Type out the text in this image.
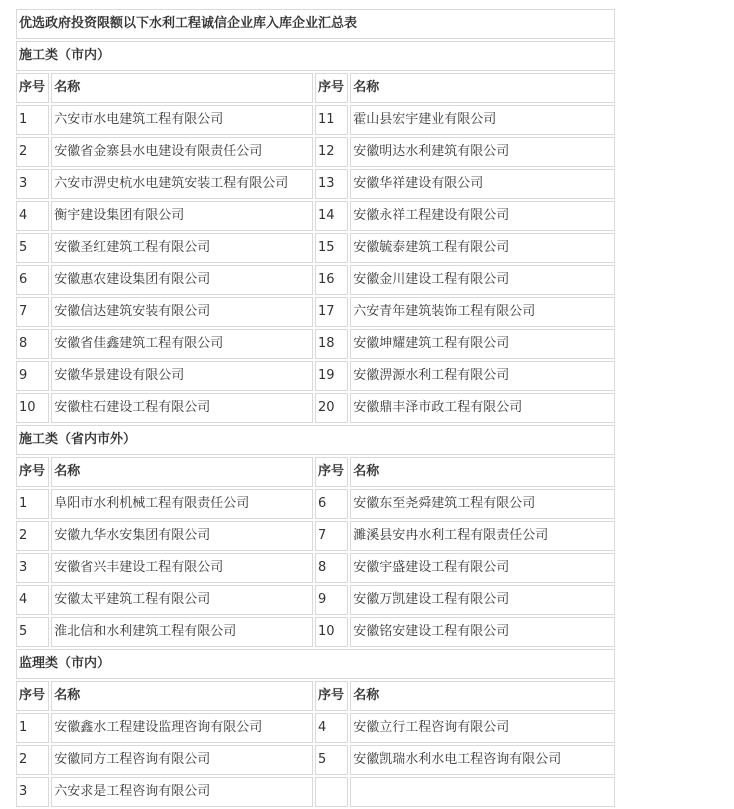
优选政府投资限额以下水利工程诚信企业库入库企业汇总表			
施工类（市内）			
序号	名称	序号	名称
1	六安市水电建筑工程有限公司	11	霍山县宏宇建业有限公司
2	安徽省金寨县水电建设有限责任公司	12	安徽明达水利建筑有限公司
3	六安市淠史杭水电建筑安装工程有限公司	13	安徽华祥建设有限公司
4	衡宇建设集团有限公司	14	安徽永祥工程建设有限公司
5	安徽圣红建筑工程有限公司	15	安徽毓泰建筑工程有限公司
6	安徽惠农建设集团有限公司	16	安徽金川建设工程有限公司
7	安徽信达建筑安装有限公司	17	六安青年建筑装饰工程有限公司
8	安徽省佳鑫建筑工程有限公司	18	安徽坤耀建筑工程有限公司
9	安徽华景建设有限公司	19	安徽淠源水利工程有限公司
10	安徽柱石建设工程有限公司	20	安徽鼎丰泽市政工程有限公司
施工类（省内市外）			
序号	名称	序号	名称
1	阜阳市水利机械工程有限责任公司	6	安徽东至尧舜建筑工程有限公司
2	安徽九华水安集团有限公司	7	濉溪县安冉水利工程有限责任公司
3	安徽省兴丰建设工程有限公司	8	安徽宇盛建设工程有限公司
4	安徽太平建筑工程有限公司	9	安徽万凯建设工程有限公司
5	淮北信和水利建筑工程有限公司	10	安徽铭安建设工程有限公司
监理类（市内）			
序号	名称	序号	名称
1	安徽鑫水工程建设监理咨询有限公司	4	安徽立行工程咨询有限公司
2	安徽同方工程咨询有限公司	5	安徽凯瑞水利水电工程咨询有限公司
3	六安求是工程咨询有限公司		
